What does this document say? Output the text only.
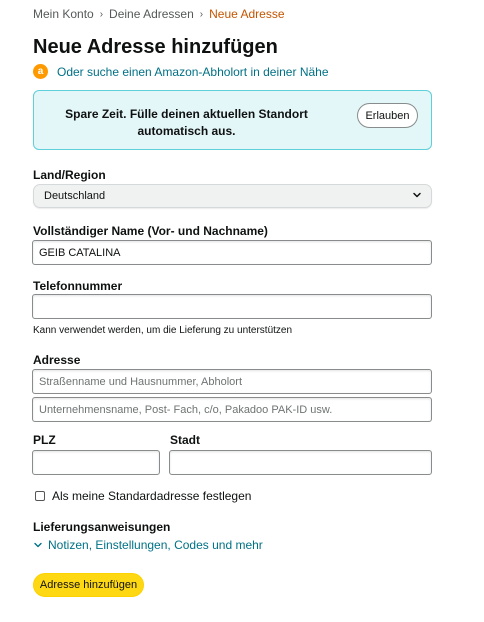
Mein Konto › Deine Adressen › Neue Adresse
Neue Adresse hinzufügen
a	Oder suche einen Amazon-Abholort in deiner Nähe
Spare Zeit. Fülle deinen aktuellen Standort automatisch aus.
Erlauben
Land/Region
Deutschland
Vollständiger Name (Vor- und Nachname)
GEIB CATALINA
Telefonnummer
Kann verwendet werden, um die Lieferung zu unterstützen
Adresse
Straßenname und Hausnummer, Abholort
Unternehmensname, Post- Fach, c/o, Pakadoo PAK-ID usw.
PLZ	Stadt
Als meine Standardadresse festlegen
Lieferungsanweisungen
Notizen, Einstellungen, Codes und mehr
Adresse hinzufügen
